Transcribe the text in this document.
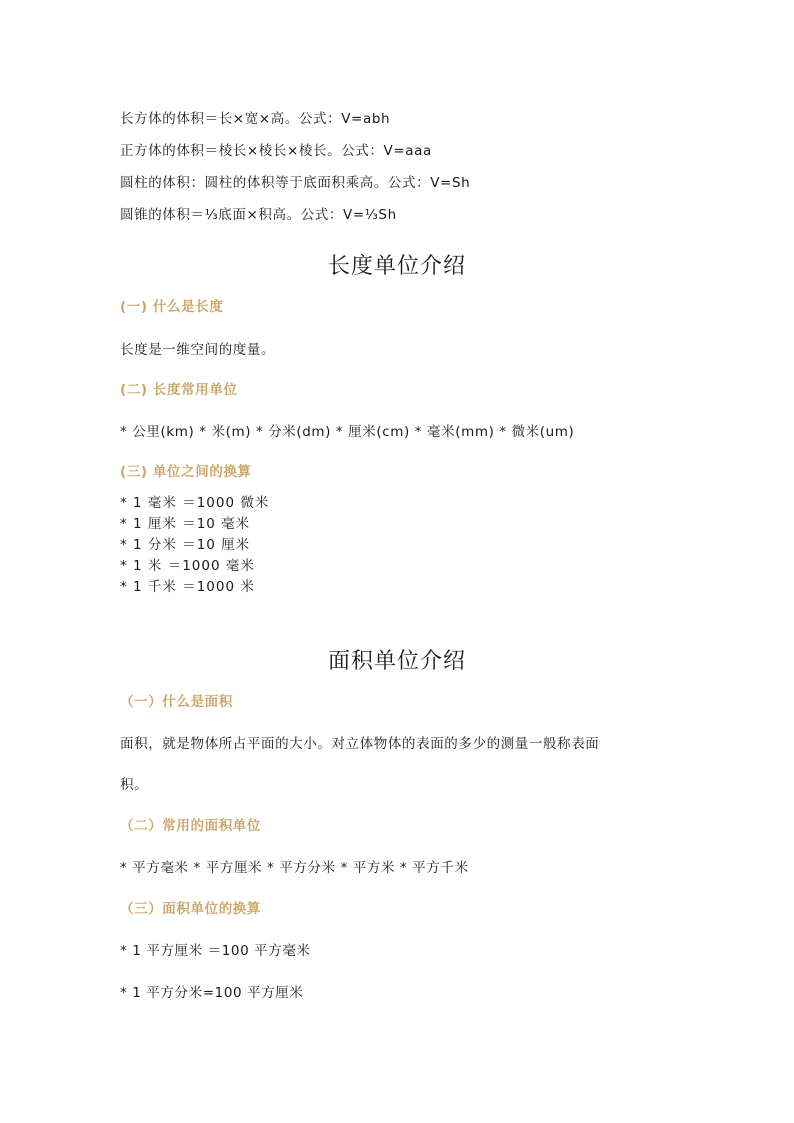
长方体的体积＝长×宽×高。公式：V=abh
正方体的体积＝棱长×棱长×棱长。公式：V=aaa
圆柱的体积：圆柱的体积等于底面积乘高。公式：V=Sh
圆锥的体积＝⅓底面×积高。公式：V=⅓Sh
长度单位介绍
(一) 什么是长度
长度是一维空间的度量。
(二) 长度常用单位
* 公里(km) * 米(m) * 分米(dm) * 厘米(cm) * 毫米(mm) * 微米(um)
(三) 单位之间的换算
* 1 毫米 ＝1000 微米
* 1 厘米 ＝10 毫米
* 1 分米 ＝10 厘米
* 1 米 ＝1000 毫米
* 1 千米 ＝1000 米
面积单位介绍
（一）什么是面积
面积，就是物体所占平面的大小。对立体物体的表面的多少的测量一般称表面
积。
（二）常用的面积单位
* 平方毫米 * 平方厘米 * 平方分米 * 平方米 * 平方千米
（三）面积单位的换算
* 1 平方厘米 ＝100 平方毫米
* 1 平方分米=100 平方厘米
